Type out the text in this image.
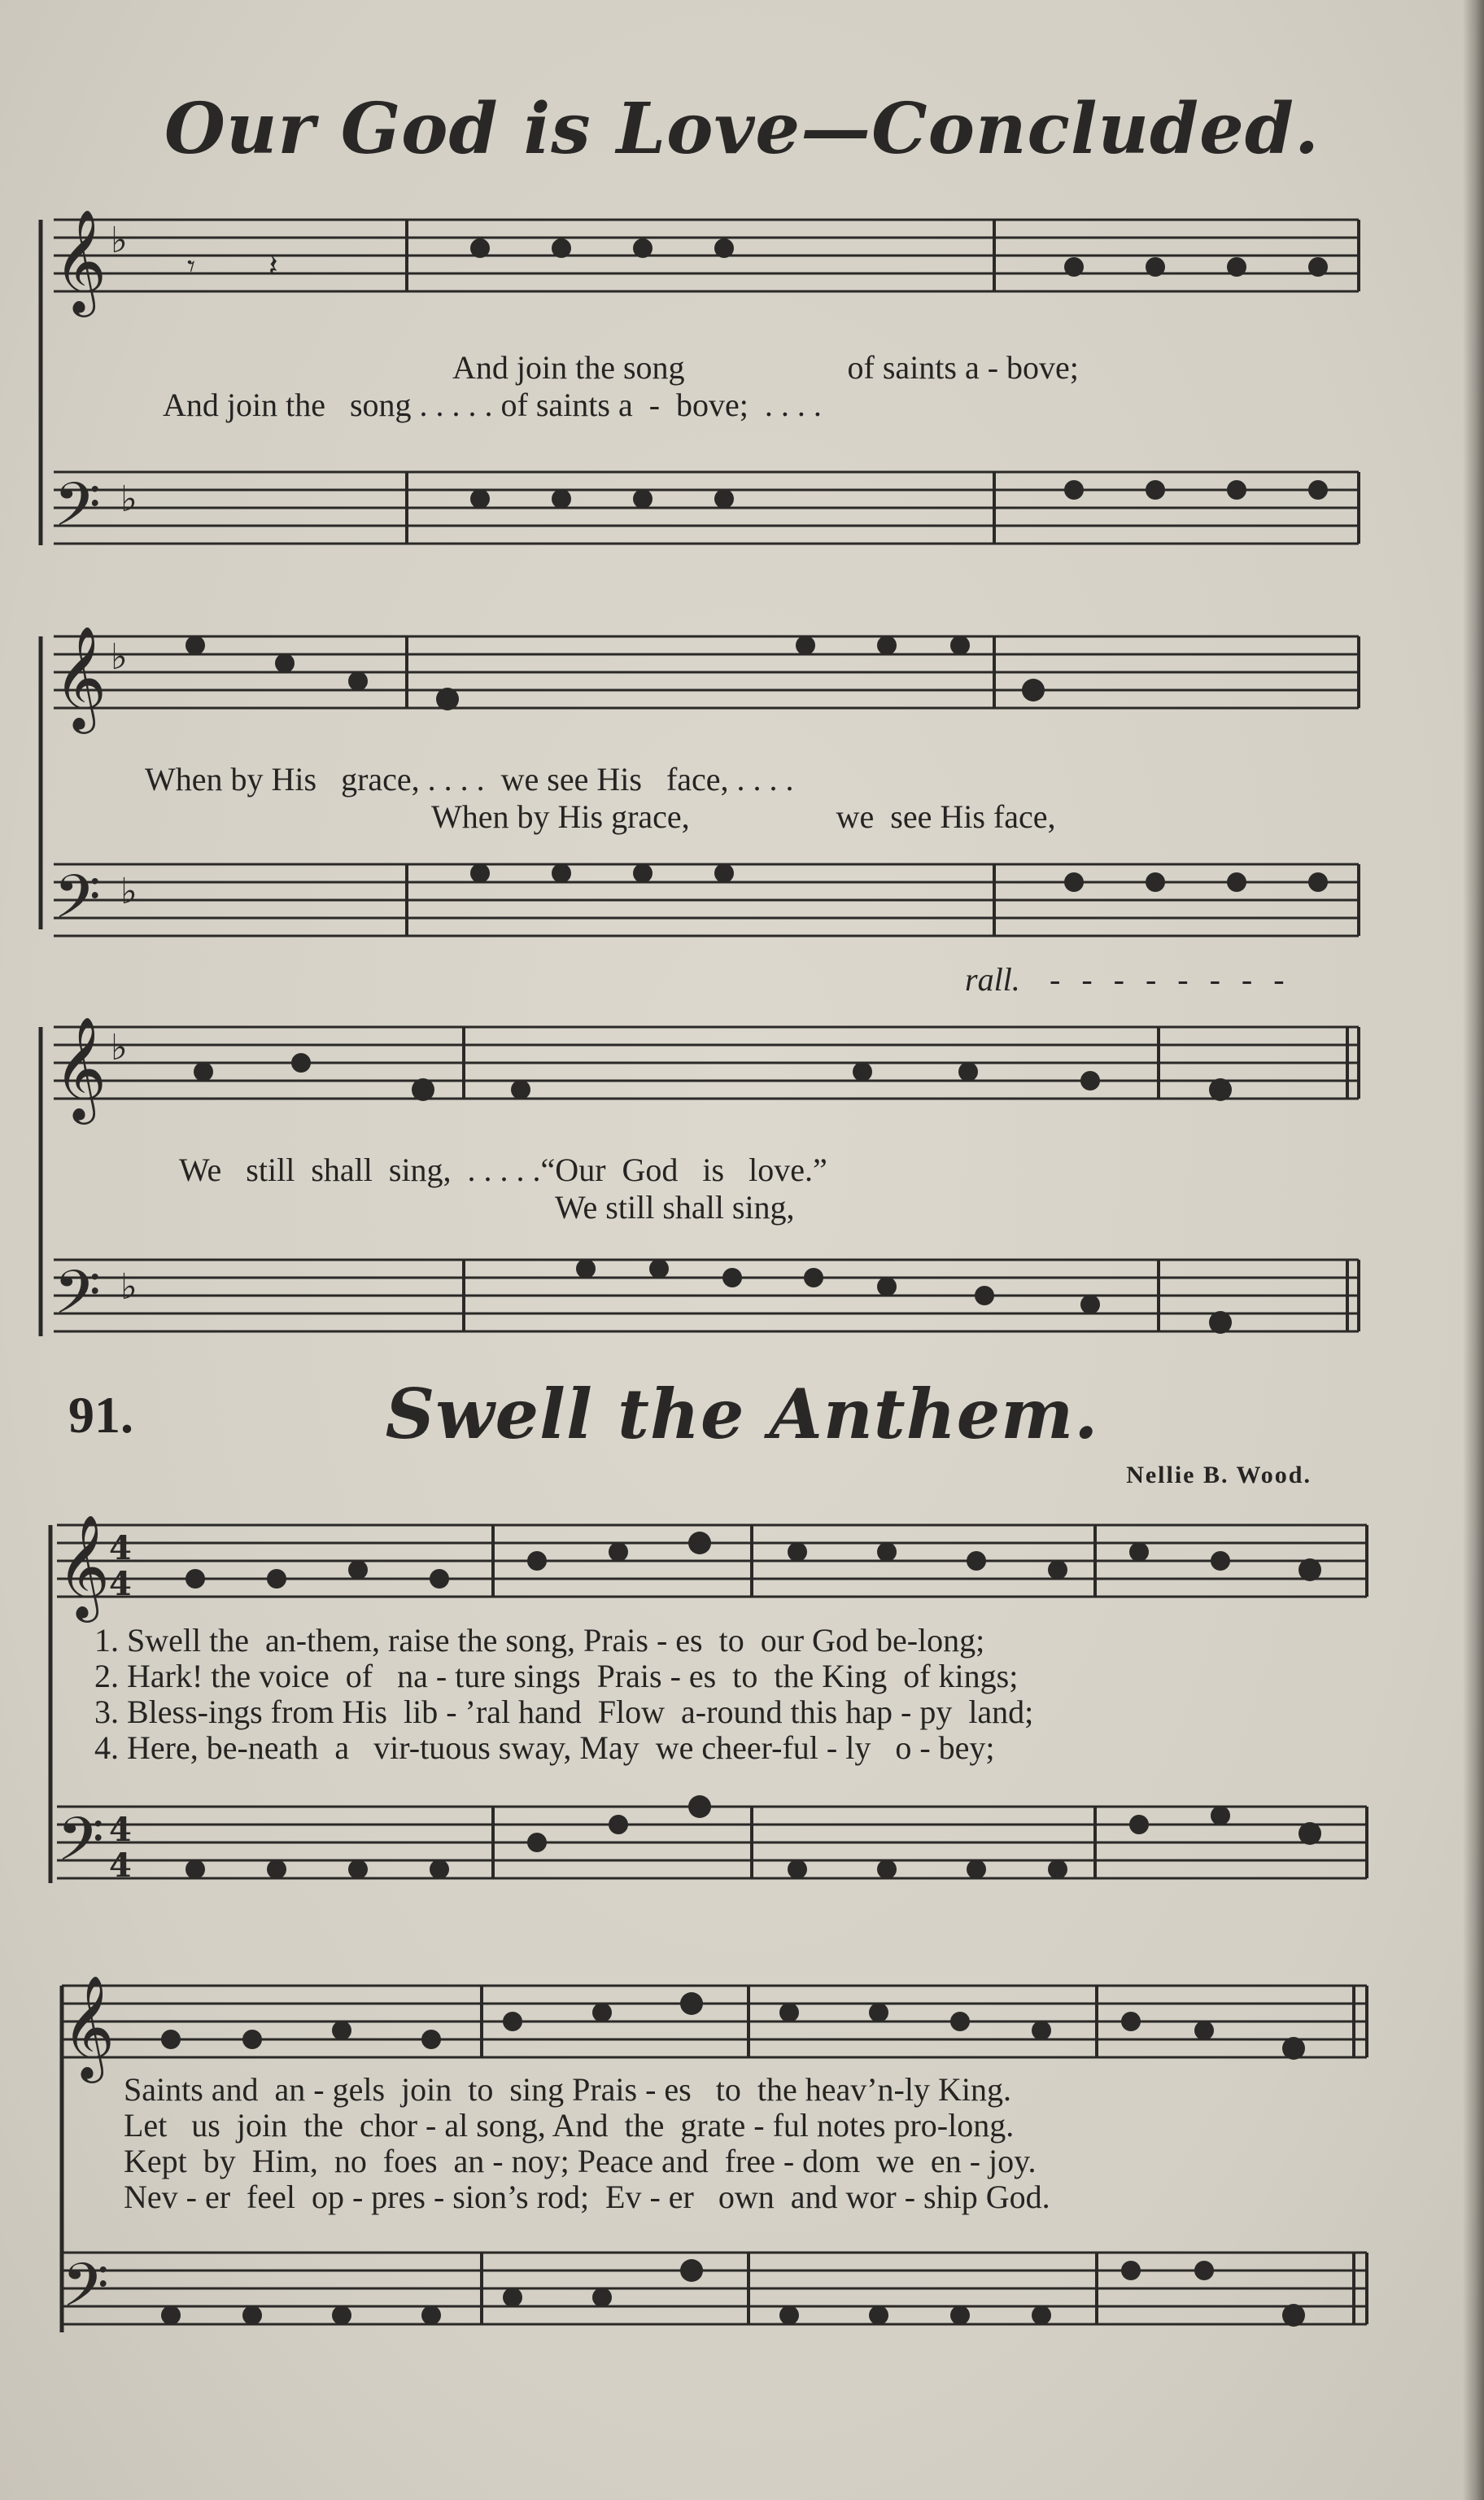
Our God is Love—Concluded.
𝄞 ♭
𝄾 𝄽
And join the song                    of saints a - bove;
And join the   song . . . . . of saints a  -  bove;  . . . .
𝄢 ♭
𝄞 ♭
When by His   grace, . . . .  we see His   face, . . . .
When by His grace,                  we  see His face,
𝄢 ♭
rall. - - - - - - - -
𝄞 ♭
We   still  shall  sing,  . . . . .“Our  God   is   love.”
We still shall sing,
𝄢 ♭
91.	Swell the Anthem.
Nellie B. Wood.
𝄞
4
4
1. Swell the  an-them, raise the song, Prais - es  to  our God be-long;
2. Hark! the voice  of   na - ture sings  Prais - es  to  the King  of kings;
3. Bless-ings from His  lib - ’ral hand  Flow  a-round this hap - py  land;
4. Here, be-neath  a   vir-tuous sway, May  we cheer-ful - ly   o - bey;
𝄢 4
4
𝄞
Saints and  an - gels  join  to  sing Prais - es   to  the heav’n-ly King.
Let   us  join  the  chor - al song, And  the  grate - ful notes pro-long.
Kept  by  Him,  no  foes  an - noy; Peace and  free - dom  we  en - joy.
Nev - er  feel  op - pres - sion’s rod;  Ev - er   own  and wor - ship God.
𝄢
